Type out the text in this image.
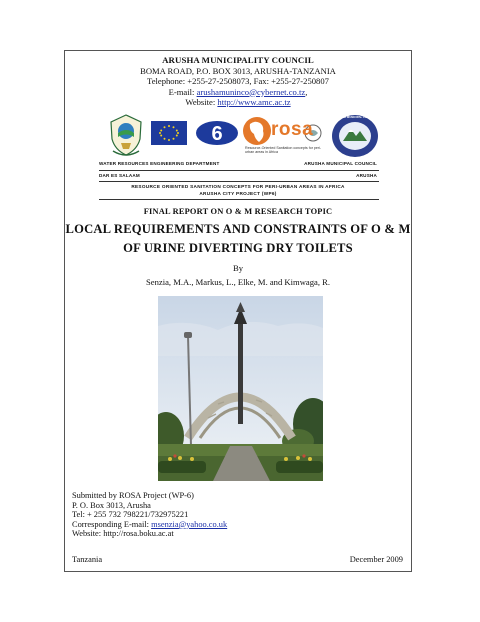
ARUSHA MUNICIPALITY COUNCIL
BOMA ROAD, P.O. BOX 3013, ARUSHA-TANZANIA
Telephone: +255-27-2508073, Fax: +255-27-250807
E-mail: arushamuninco@cybernet.co.tz,
Website: http://www.amc.ac.tz
6	rosa
Resource-Oriented Sanitation concepts for peri-urban areas in Africa
ARUSHA MUNICIPAL COUNCIL
WATER RESOURCES ENGINEERING DEPARTMENT	ARUSHA MUNICIPAL COUNCIL
DAR ES SALAAM	ARUSHA
RESOURCE ORIENTED SANITATION CONCEPTS FOR PERI-URBAN AREAS IN AFRICA
ARUSHA CITY PROJECT (WP6)
FINAL REPORT ON O & M RESEARCH TOPIC
LOCAL REQUIREMENTS AND CONSTRAINTS OF O & M
OF URINE DIVERTING DRY TOILETS
By
Senzia, M.A., Markus, L., Elke, M. and Kimwaga, R.
Submitted by ROSA Project (WP-6)
P. O. Box 3013, Arusha
Tel: + 255 732 798221/732975221
Corresponding E-mail: msenzia@yahoo.co.uk
Website: http://rosa.boku.ac.at
Tanzania	December 2009
